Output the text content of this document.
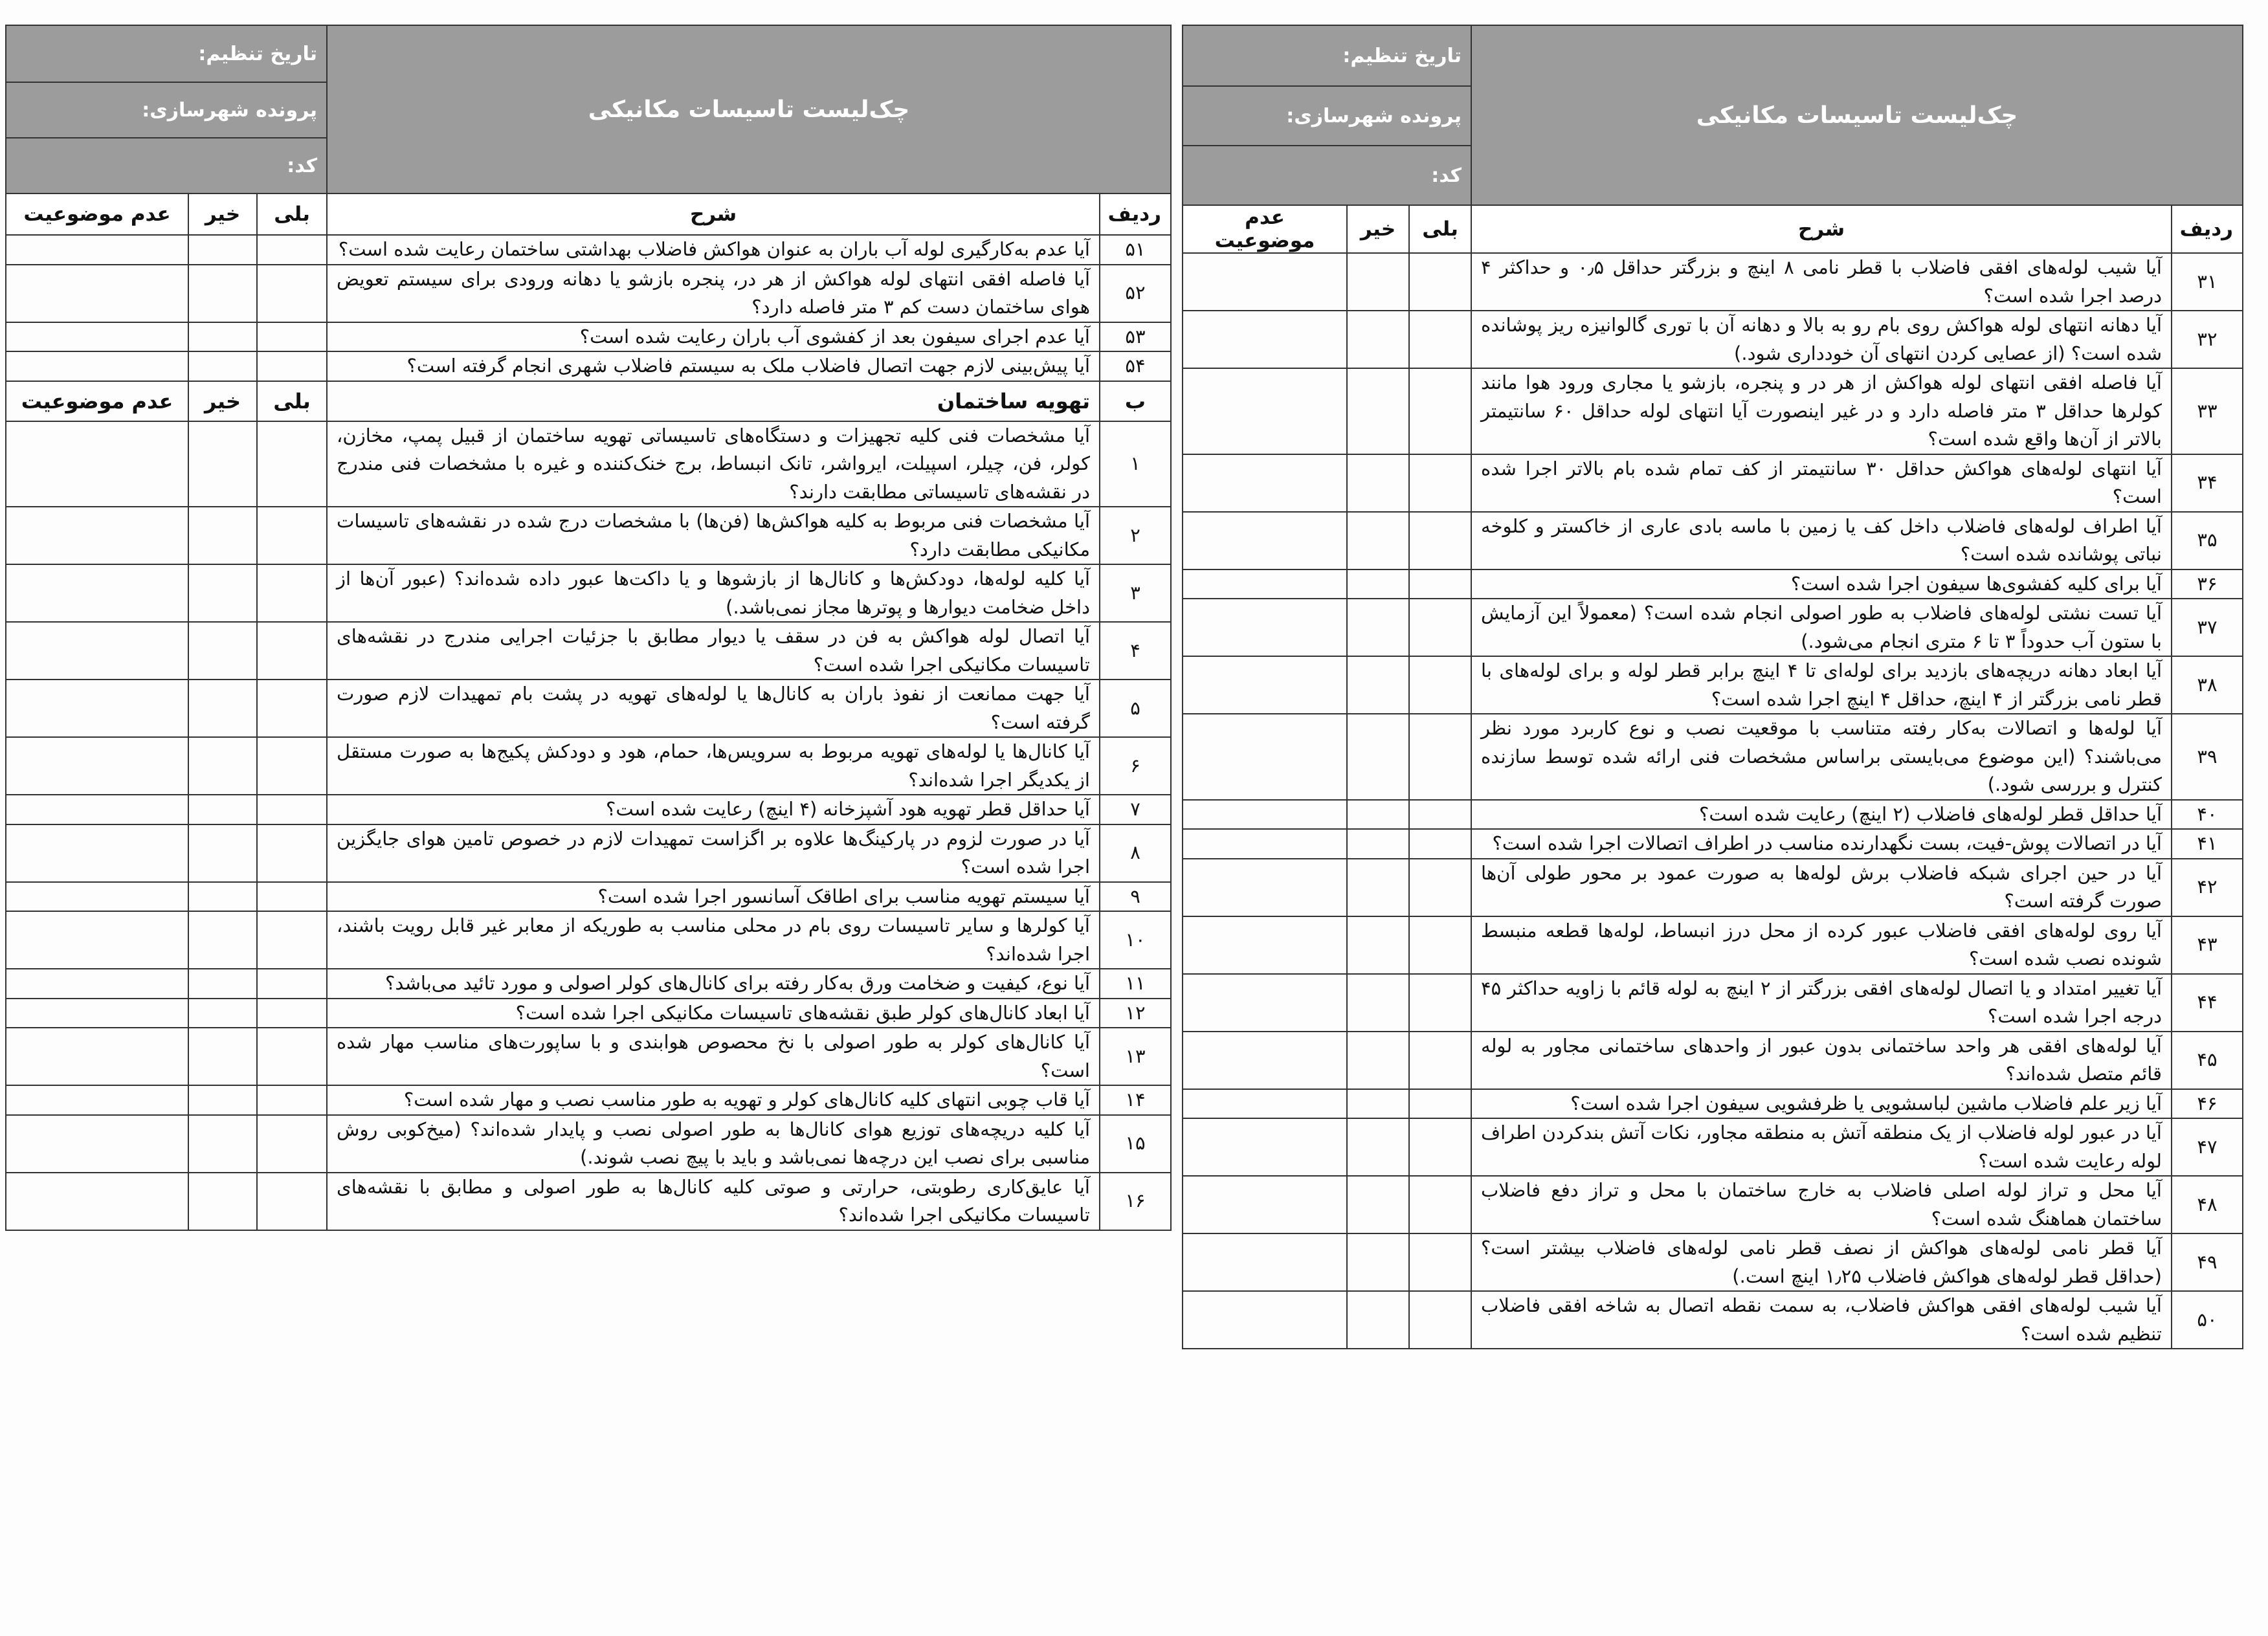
چک‌لیست تاسیسات مکانیکی		تاریخ تنظیم:		
		پرونده شهرسازی:		
		کد:		
ردیف	شرح	بلی	خیر	عدم موضوعیت
۵۱	آیا عدم به‌کارگیری لوله آب باران به عنوان هواکش فاضلاب بهداشتی ساختمان رعایت شده است؟			
۵۲	آیا فاصله افقی انتهای لوله هواکش از هر در، پنجره بازشو یا دهانه ورودی برای سیستم تعویض هوای ساختمان دست کم ۳ متر فاصله دارد؟			
۵۳	آیا عدم اجرای سیفون بعد از کفشوی آب باران رعایت شده است؟			
۵۴	آیا پیش‌بینی لازم جهت اتصال فاضلاب ملک به سیستم فاضلاب شهری انجام گرفته است؟			
ب	تهویه ساختمان	بلی	خیر	عدم موضوعیت
۱	آیا مشخصات فنی کلیه تجهیزات و دستگاه‌های تاسیساتی تهویه ساختمان از قبیل پمپ، مخازن، کولر، فن، چیلر، اسپیلت، ایرواشر، تانک انبساط، برج خنک‌کننده و غیره با مشخصات فنی مندرج در نقشه‌های تاسیساتی مطابقت دارند؟			
۲	آیا مشخصات فنی مربوط به کلیه هواکش‌ها (فن‌ها) با مشخصات درج شده در نقشه‌های تاسیسات مکانیکی مطابقت دارد؟			
۳	آیا کلیه لوله‌ها، دودکش‌ها و کانال‌ها از بازشوها و یا داکت‌ها عبور داده شده‌اند؟ (عبور آن‌ها از داخل ضخامت دیوارها و پوترها مجاز نمی‌باشد.)			
۴	آیا اتصال لوله هواکش به فن در سقف یا دیوار مطابق با جزئیات اجرایی مندرج در نقشه‌های تاسیسات مکانیکی اجرا شده است؟			
۵	آیا جهت ممانعت از نفوذ باران به کانال‌ها یا لوله‌های تهویه در پشت بام تمهیدات لازم صورت گرفته است؟			
۶	آیا کانال‌ها یا لوله‌های تهویه مربوط به سرویس‌ها، حمام، هود و دودکش پکیج‌ها به صورت مستقل از یکدیگر اجرا شده‌اند؟			
۷	آیا حداقل قطر تهویه هود آشپزخانه (۴ اینچ) رعایت شده است؟			
۸	آیا در صورت لزوم در پارکینگ‌ها علاوه بر اگزاست تمهیدات لازم در خصوص تامین هوای جایگزین اجرا شده است؟			
۹	آیا سیستم تهویه مناسب برای اطاقک آسانسور اجرا شده است؟			
۱۰	آیا کولرها و سایر تاسیسات روی بام در محلی مناسب به طوریکه از معابر غیر قابل رویت باشند، اجرا شده‌اند؟			
۱۱	آیا نوع، کیفیت و ضخامت ورق به‌کار رفته برای کانال‌های کولر اصولی و مورد تائید می‌باشد؟			
۱۲	آیا ابعاد کانال‌های کولر طبق نقشه‌های تاسیسات مکانیکی اجرا شده است؟			
۱۳	آیا کانال‌های کولر به طور اصولی با نخ محصوص هوابندی و با ساپورت‌های مناسب مهار شده است؟			
۱۴	آیا قاب چوبی انتهای کلیه کانال‌های کولر و تهویه به طور مناسب نصب و مهار شده است؟			
۱۵	آیا کلیه دریچه‌های توزیع هوای کانال‌ها به طور اصولی نصب و پایدار شده‌اند؟ (میخ‌کوبی روش مناسبی برای نصب این درچه‌ها نمی‌باشد و باید با پیچ نصب شوند.)			
۱۶	آیا عایق‌کاری رطوبتی، حرارتی و صوتی کلیه کانال‌ها به طور اصولی و مطابق با نقشه‌های تاسیسات مکانیکی اجرا شده‌اند؟			
چک‌لیست تاسیسات مکانیکی		تاریخ تنظیم:		
		پرونده شهرسازی:		
		کد:		
ردیف	شرح	بلی	خیر	عدم موضوعیت
۳۱	آیا شیب لوله‌های افقی فاضلاب با قطر نامی ۸ اینچ و بزرگتر حداقل ۰٫۵ و حداکثر ۴ درصد اجرا شده است؟			
۳۲	آیا دهانه انتهای لوله هواکش روی بام رو به بالا و دهانه آن با توری گالوانیزه ریز پوشانده شده است؟ (از عصایی کردن انتهای آن خودداری شود.)			
۳۳	آیا فاصله افقی انتهای لوله هواکش از هر در و پنجره، بازشو یا مجاری ورود هوا مانند کولرها حداقل ۳ متر فاصله دارد و در غیر اینصورت آیا انتهای لوله حداقل ۶۰ سانتیمتر بالاتر از آن‌ها واقع شده است؟			
۳۴	آیا انتهای لوله‌های هواکش حداقل ۳۰ سانتیمتر از کف تمام شده بام بالاتر اجرا شده است؟			
۳۵	آیا اطراف لوله‌های فاضلاب داخل کف یا زمین با ماسه بادی عاری از خاکستر و کلوخه نباتی پوشانده شده است؟			
۳۶	آیا برای کلیه کفشوی‌ها سیفون اجرا شده است؟			
۳۷	آیا تست نشتی لوله‌های فاضلاب به طور اصولی انجام شده است؟ (معمولاً این آزمایش با ستون آب حدوداً ۳ تا ۶ متری انجام می‌شود.)			
۳۸	آیا ابعاد دهانه دریچه‌های بازدید برای لوله‌ای تا ۴ اینچ برابر قطر لوله و برای لوله‌های با قطر نامی بزرگتر از ۴ اینچ، حداقل ۴ اینچ اجرا شده است؟			
۳۹	آیا لوله‌ها و اتصالات به‌کار رفته متناسب با موقعیت نصب و نوع کاربرد مورد نظر می‌باشند؟ (این موضوع می‌بایستی براساس مشخصات فنی ارائه شده توسط سازنده کنترل و بررسی شود.)			
۴۰	آیا حداقل قطر لوله‌های فاضلاب (۲ اینچ) رعایت شده است؟			
۴۱	آیا در اتصالات پوش-فیت، بست نگهدارنده مناسب در اطراف اتصالات اجرا شده است؟			
۴۲	آیا در حین اجرای شبکه فاضلاب برش لوله‌ها به صورت عمود بر محور طولی آن‌ها صورت گرفته است؟			
۴۳	آیا روی لوله‌های افقی فاضلاب عبور کرده از محل درز انبساط، لوله‌ها قطعه منبسط شونده نصب شده است؟			
۴۴	آیا تغییر امتداد و یا اتصال لوله‌های افقی بزرگتر از ۲ اینچ به لوله قائم با زاویه حداکثر ۴۵ درجه اجرا شده است؟			
۴۵	آیا لوله‌های افقی هر واحد ساختمانی بدون عبور از واحدهای ساختمانی مجاور به لوله قائم متصل شده‌اند؟			
۴۶	آیا زیر علم فاضلاب ماشین لباسشویی یا ظرفشویی سیفون اجرا شده است؟			
۴۷	آیا در عبور لوله فاضلاب از یک منطقه آتش به منطقه مجاور، نکات آتش بندکردن اطراف لوله رعایت شده است؟			
۴۸	آیا محل و تراز لوله اصلی فاضلاب به خارج ساختمان با محل و تراز دفع فاضلاب ساختمان هماهنگ شده است؟			
۴۹	آیا قطر نامی لوله‌های هواکش از نصف قطر نامی لوله‌های فاضلاب بیشتر است؟ (حداقل قطر لوله‌های هواکش فاضلاب ۱٫۲۵ اینچ است.)			
۵۰	آیا شیب لوله‌های افقی هواکش فاضلاب، به سمت نقطه اتصال به شاخه افقی فاضلاب تنظیم شده است؟			
